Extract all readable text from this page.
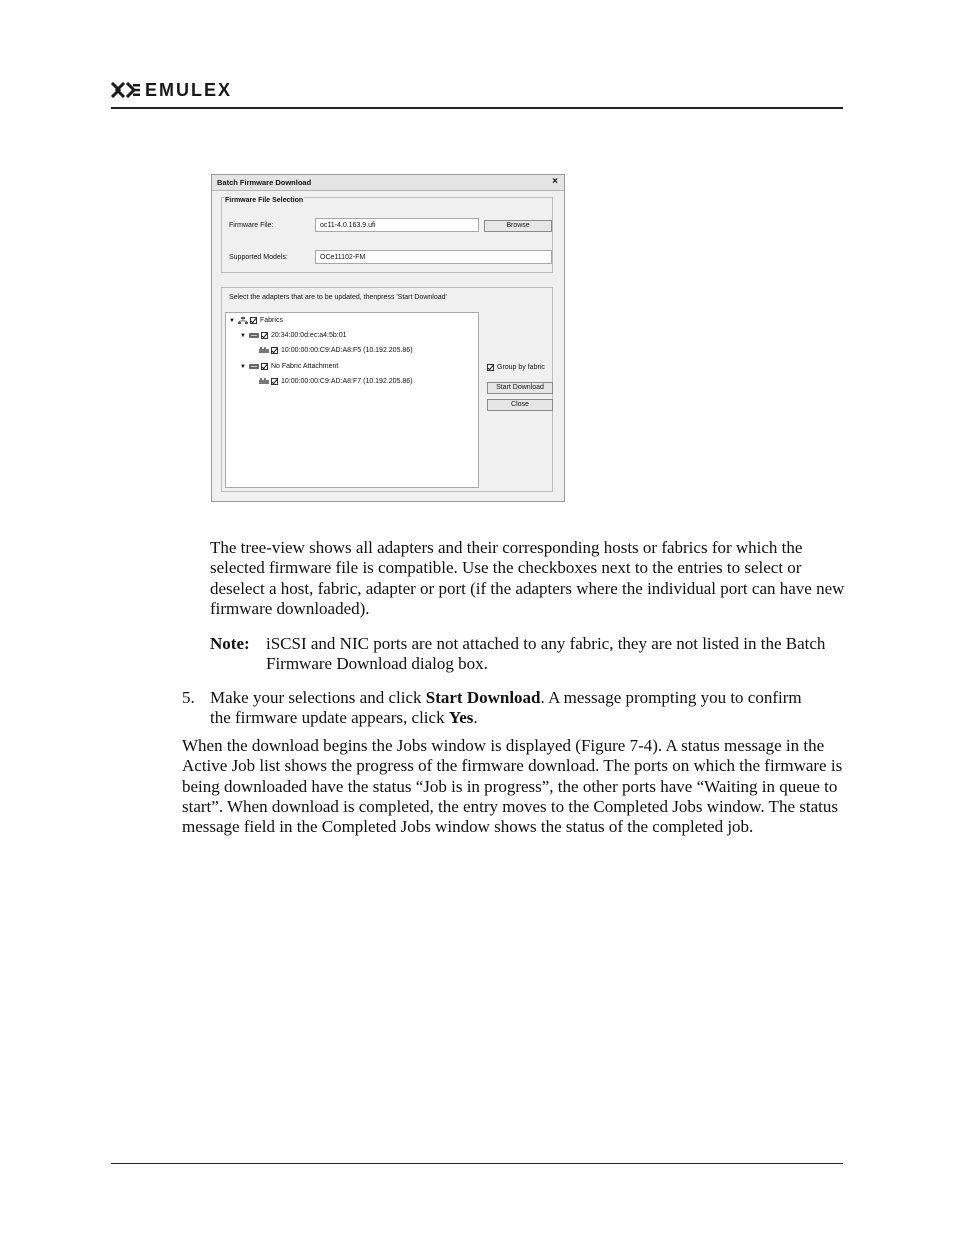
EMULEX
Batch Firmware Download	×
Firmware File Selection
Firmware File:	oc11-4.0.163.9.ufi	Browse
Supported Models:	OCe11102-FM
Select the adapters that are to be updated, thenpress 'Start Download'
▼	Fabrics
▼	20:34:00:0d:ec:a4:5b:01
10:00:00:00:C9:AD:A8:F5 (10.192.205.86)
▼	No Fabric Attachment
10:00:00:00:C9:AD:A8:F7 (10.192.205.86)
Group by fabric
Start Download
Close
The tree-view shows all adapters and their corresponding hosts or fabrics for which the selected firmware file is compatible. Use the checkboxes next to the entries to select or deselect a host, fabric, adapter or port (if the adapters where the individual port can have new firmware downloaded).
Note: iSCSI and NIC ports are not attached to any fabric, they are not listed in the Batch Firmware Download dialog box.
5. Make your selections and click Start Download. A message prompting you to confirm the firmware update appears, click Yes.
When the download begins the Jobs window is displayed (Figure 7-4). A status message in the Active Job list shows the progress of the firmware download. The ports on which the firmware is being downloaded have the status “Job is in progress”, the other ports have “Waiting in queue to start”. When download is completed, the entry moves to the Completed Jobs window. The status message field in the Completed Jobs window shows the status of the completed job.
